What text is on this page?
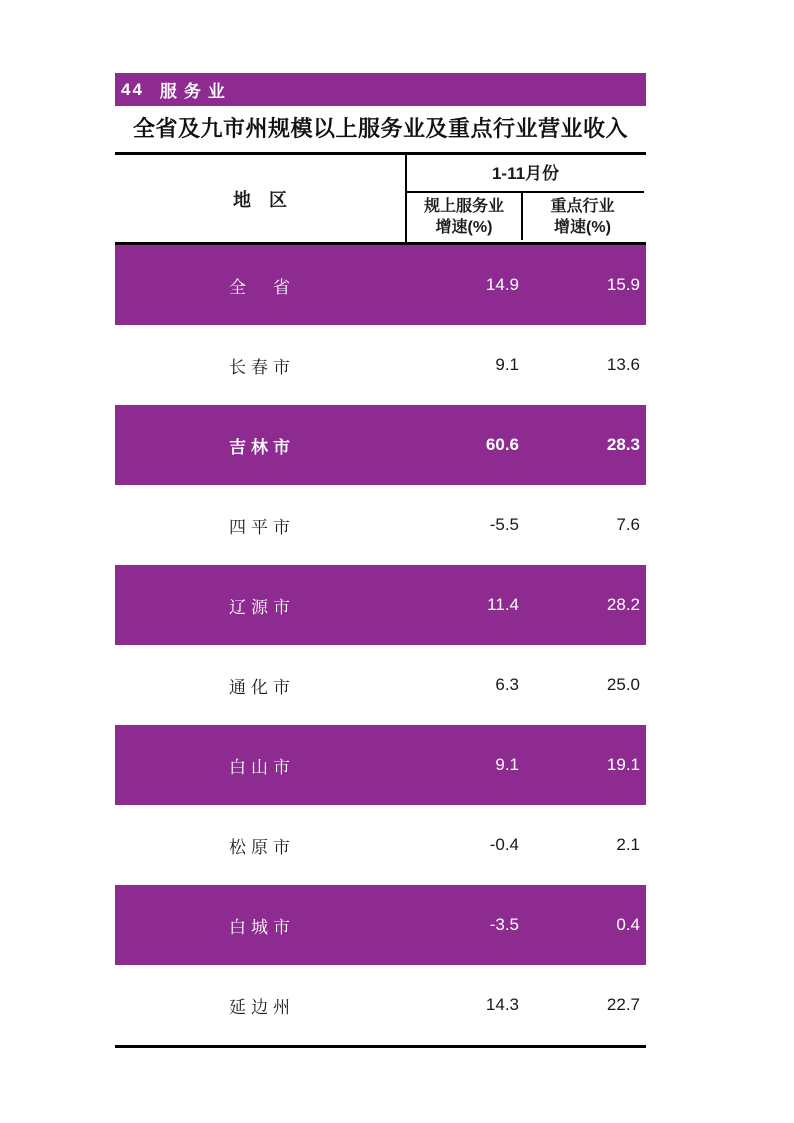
44 服务业
全省及九市州规模以上服务业及重点行业营业收入
地　区
1-11月份
规上服务业
增速(%)
重点行业
增速(%)
全　省	14.9	15.9
长春市	9.1	13.6
吉林市	60.6	28.3
四平市	-5.5	7.6
辽源市	11.4	28.2
通化市	6.3	25.0
白山市	9.1	19.1
松原市	-0.4	2.1
白城市	-3.5	0.4
延边州	14.3	22.7
